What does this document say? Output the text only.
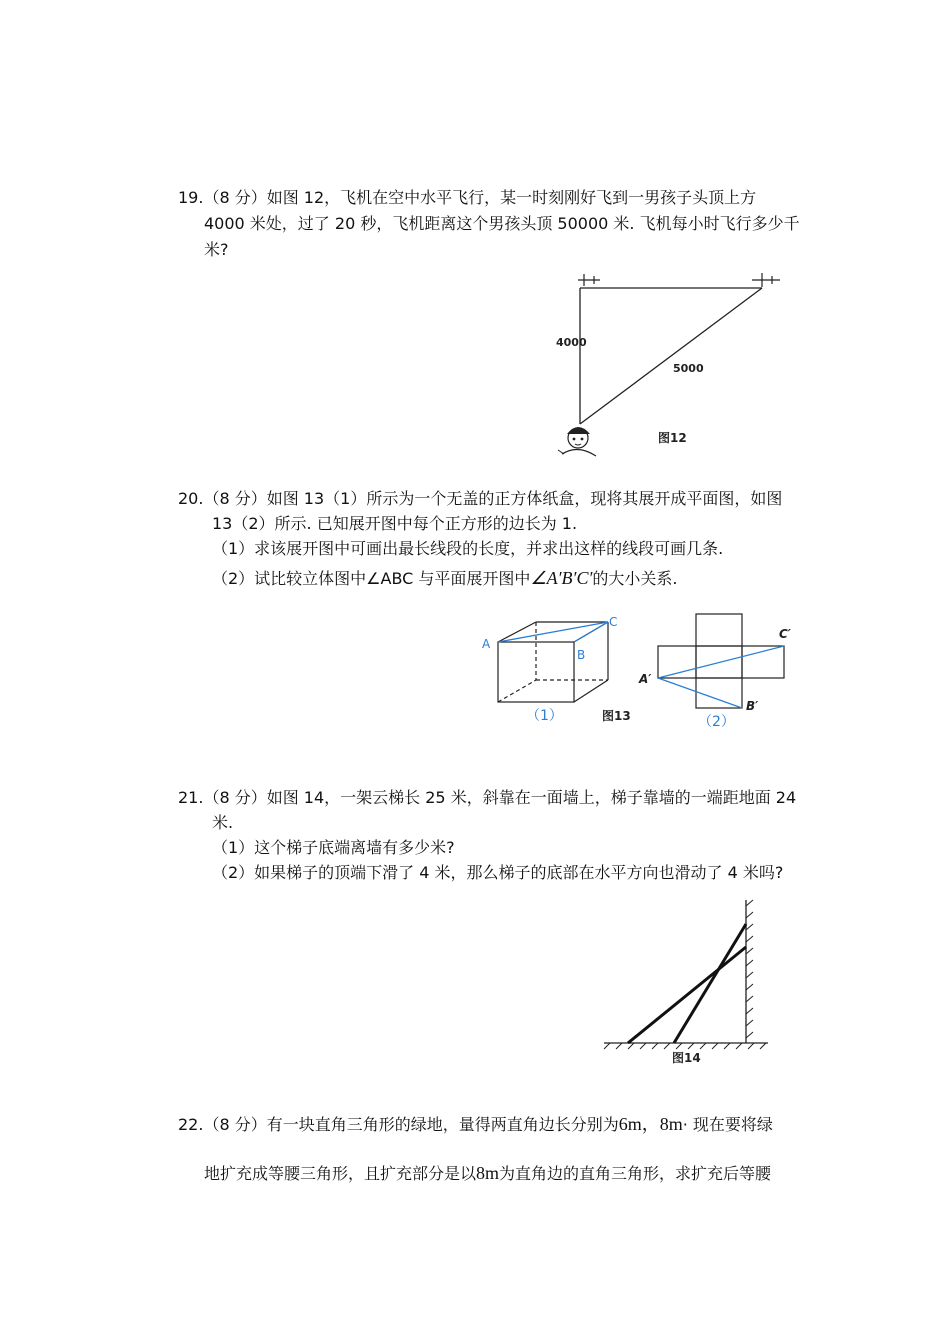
19.（8 分）如图 12，飞机在空中水平飞行，某一时刻刚好飞到一男孩子头顶上方
4000 米处，过了 20 秒，飞机距离这个男孩头顶 50000 米. 飞机每小时飞行多少千
米?
4000
5000
图12
20.（8 分）如图 13（1）所示为一个无盖的正方体纸盒，现将其展开成平面图，如图
13（2）所示. 已知展开图中每个正方形的边长为 1.
（1）求该展开图中可画出最长线段的长度，并求出这样的线段可画几条.
（2）试比较立体图中∠ABC 与平面展开图中∠A′B′C′的大小关系.
A
B
C
（1）	图13
C′
A′
B′
（2）
21.（8 分）如图 14，一架云梯长 25 米，斜靠在一面墙上，梯子靠墙的一端距地面 24
米.
（1）这个梯子底端离墙有多少米?
（2）如果梯子的顶端下滑了 4 米，那么梯子的底部在水平方向也滑动了 4 米吗?
图14
22.（8 分）有一块直角三角形的绿地，量得两直角边长分别为6m，8m· 现在要将绿
地扩充成等腰三角形，且扩充部分是以8m为直角边的直角三角形，求扩充后等腰
